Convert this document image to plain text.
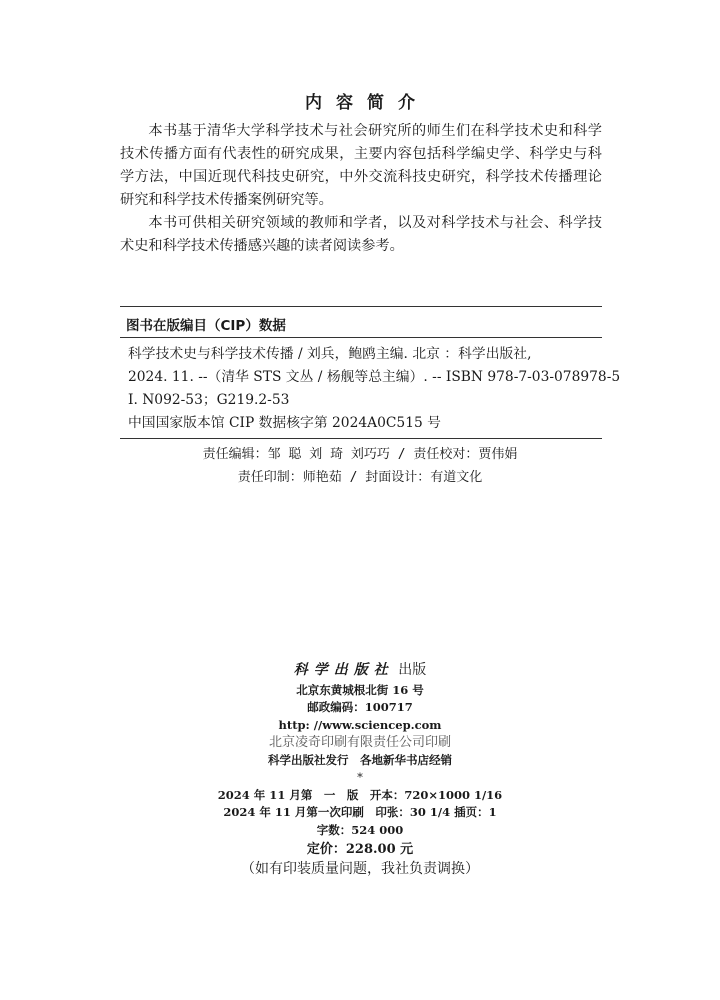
内容简介

本书基于清华大学科学技术与社会研究所的师生们在科学技术史和科学技术传播方面有代表性的研究成果，主要内容包括科学编史学、科学史与科学方法，中国近现代科技史研究，中外交流科技史研究，科学技术传播理论研究和科学技术传播案例研究等。

本书可供相关研究领域的教师和学者，以及对科学技术与社会、科学技术史和科学技术传播感兴趣的读者阅读参考。

图书在版编目（CIP）数据
科学技术史与科学技术传播 / 刘兵，鲍鸥主编. 北京 ：科学出版社,
2024. 11. --（清华 STS 文丛 / 杨舰等总主编）. -- ISBN 978-7-03-078978-5
Ⅰ. N092-53；G219.2-53
中国国家版本馆 CIP 数据核字第 2024A0C515 号
责任编辑：邹 聪 刘 琦 刘巧巧 / 责任校对：贾伟娟
责任印制：师艳茹 / 封面设计：有道文化
科学出版社 出版
北京东黄城根北街 16 号
邮政编码：100717
http: //www.sciencep.com
北京凌奇印刷有限责任公司印刷
科学出版社发行　各地新华书店经销
*
2024 年 11 月第　一　版　开本：720×1000 1/16
2024 年 11 月第一次印刷　印张：30 1/4 插页：1
字数：524 000
定价：228.00 元
（如有印装质量问题，我社负责调换）
